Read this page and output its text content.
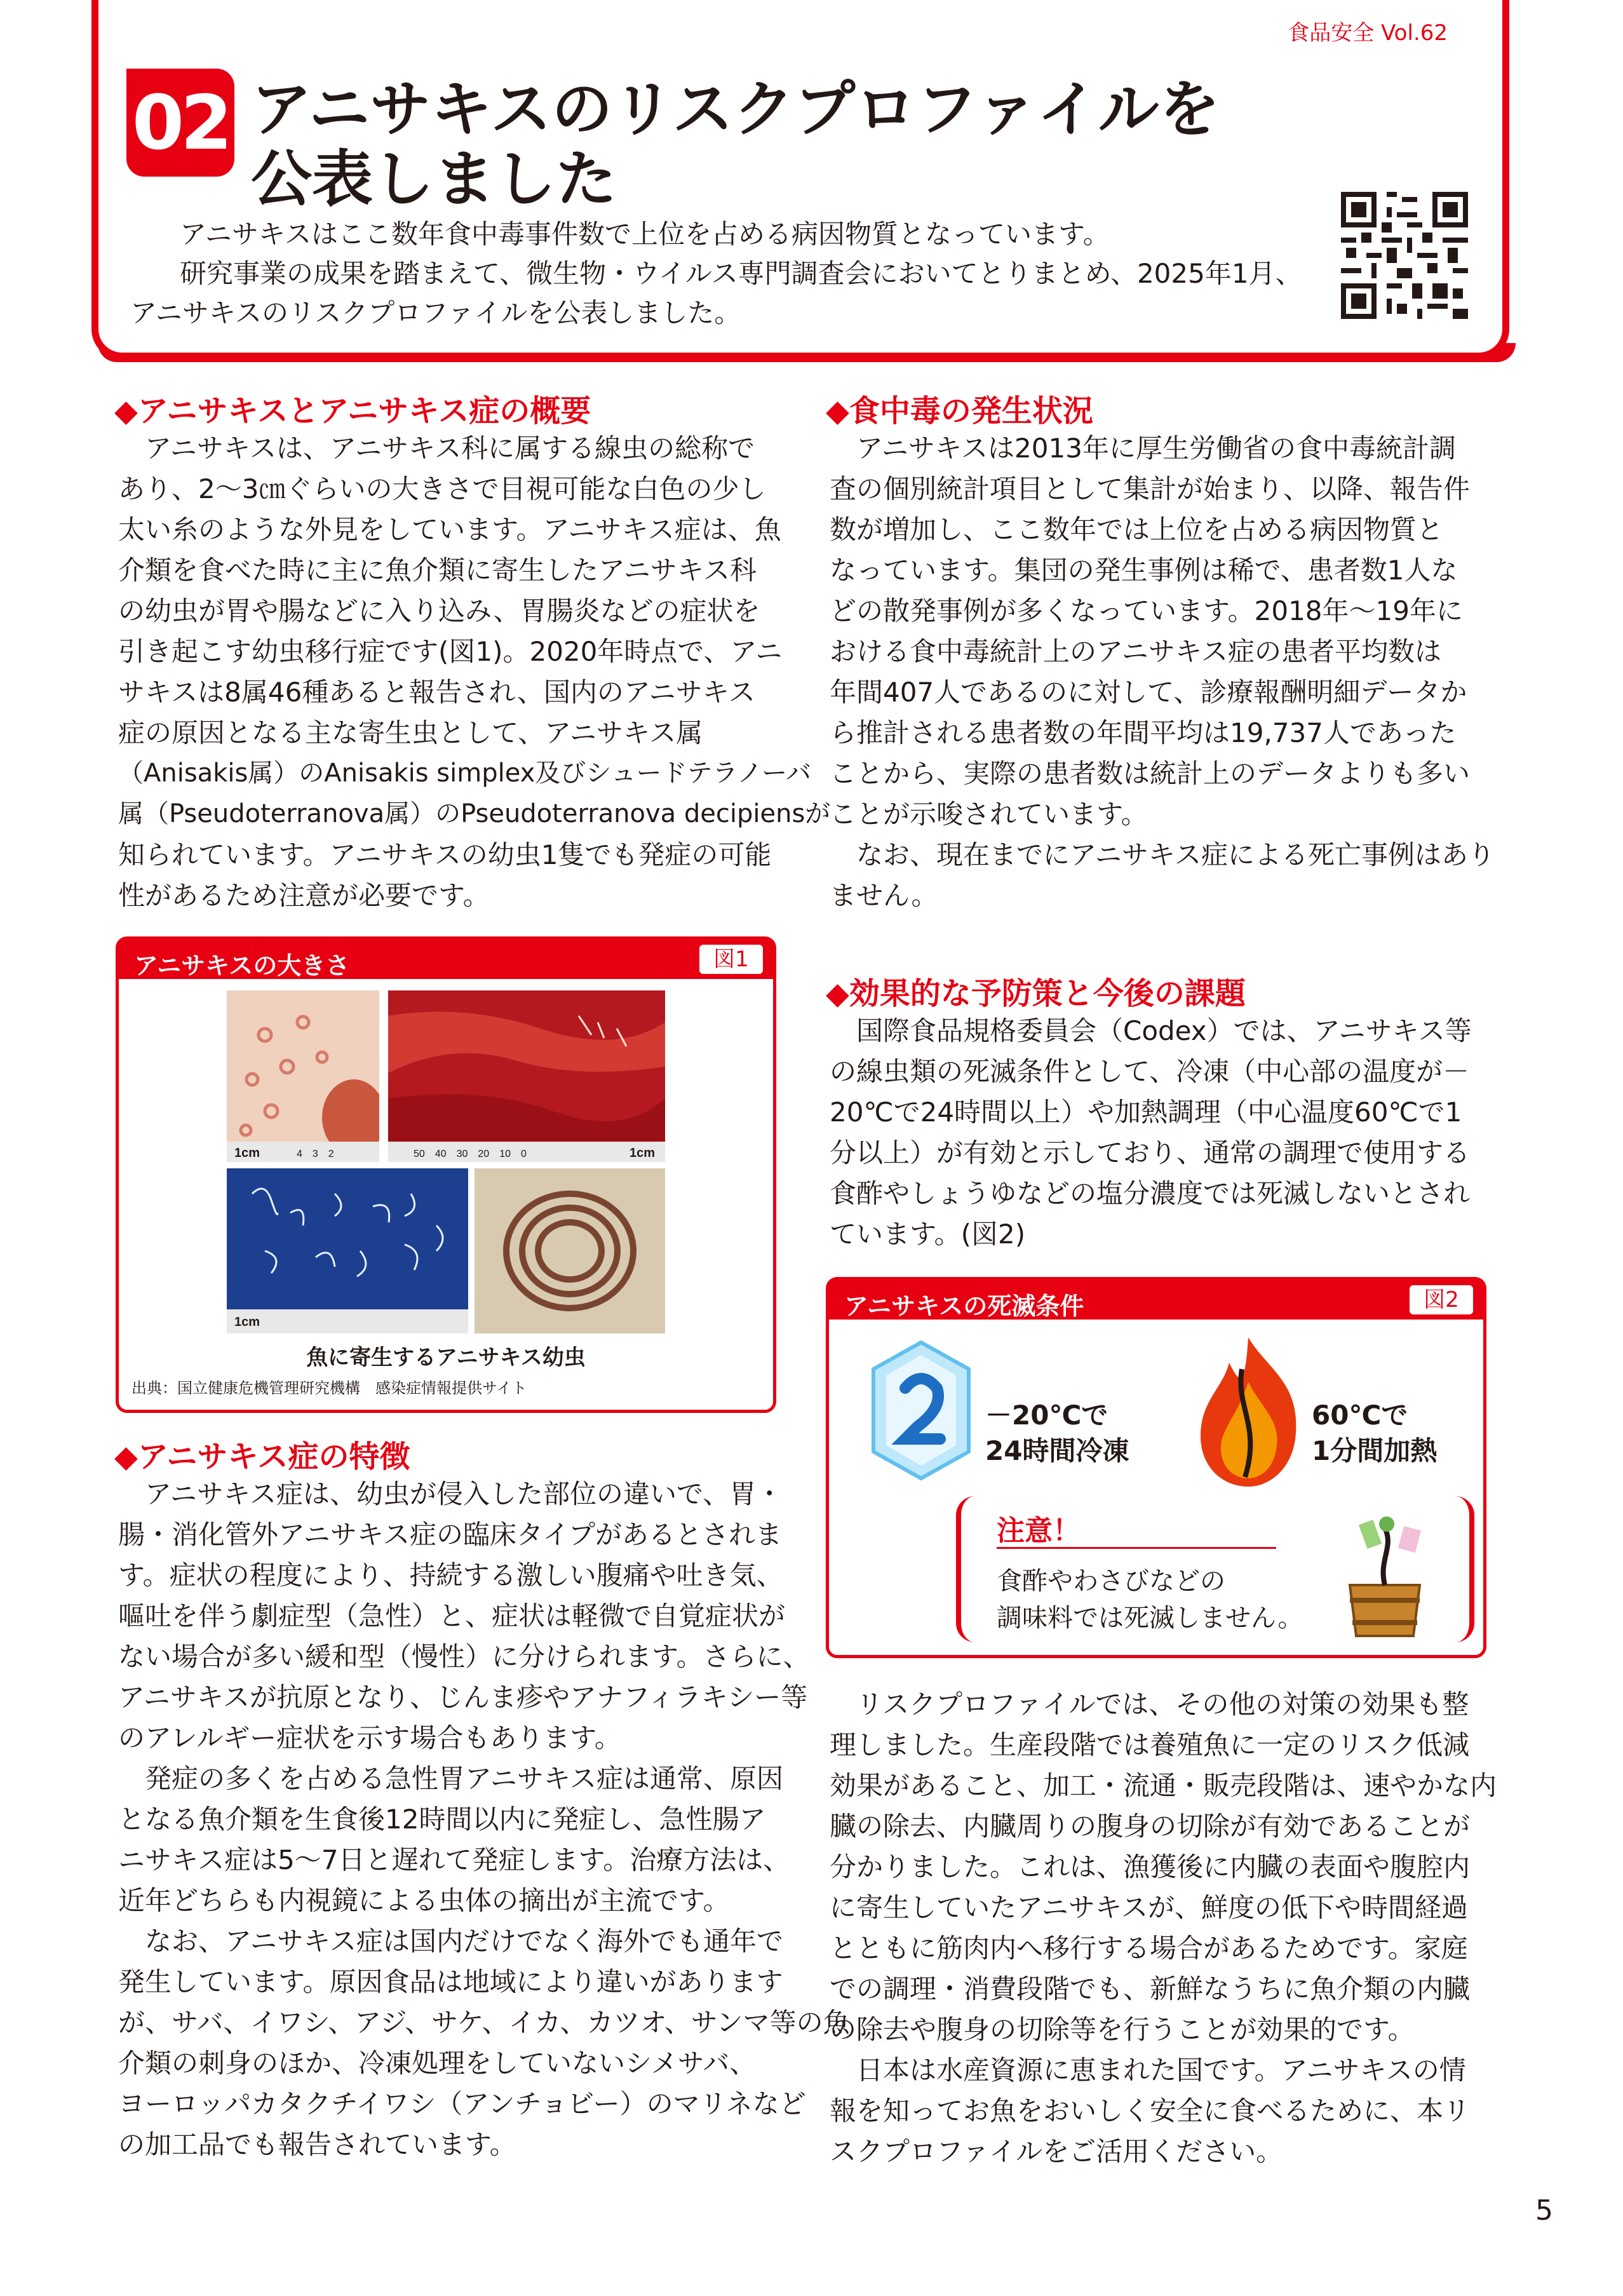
食品安全 Vol.62
02 アニサキスのリスクプロファイルを
公表しました
アニサキスはここ数年食中毒事件数で上位を占める病因物質となっています。
研究事業の成果を踏まえて、微生物・ウイルス専門調査会においてとりまとめ、2025年1月、
アニサキスのリスクプロファイルを公表しました。
◆アニサキスとアニサキス症の概要
アニサキスは、アニサキス科に属する線虫の総称で
あり、2～3㎝ぐらいの大きさで目視可能な白色の少し
太い糸のような外見をしています。アニサキス症は、魚
介類を食べた時に主に魚介類に寄生したアニサキス科
の幼虫が胃や腸などに入り込み、胃腸炎などの症状を
引き起こす幼虫移行症です(図1)。2020年時点で、アニ
サキスは8属46種あると報告され、国内のアニサキス
症の原因となる主な寄生虫として、アニサキス属
（Anisakis属）のAnisakis simplex及びシュードテラノーバ
属（Pseudoterranova属）のPseudoterranova decipiensが
知られています。アニサキスの幼虫1隻でも発症の可能
性があるため注意が必要です。
アニサキスの大きさ	図1
1cm	4　3　2	50　40　30　20　10　0	1cm
1cm
魚に寄生するアニサキス幼虫
出典：国立健康危機管理研究機構　感染症情報提供サイト
◆アニサキス症の特徴
アニサキス症は、幼虫が侵入した部位の違いで、胃・
腸・消化管外アニサキス症の臨床タイプがあるとされま
す。症状の程度により、持続する激しい腹痛や吐き気、
嘔吐を伴う劇症型（急性）と、症状は軽微で自覚症状が
ない場合が多い緩和型（慢性）に分けられます。さらに、
アニサキスが抗原となり、じんま疹やアナフィラキシー等
のアレルギー症状を示す場合もあります。
発症の多くを占める急性胃アニサキス症は通常、原因
となる魚介類を生食後12時間以内に発症し、急性腸ア
ニサキス症は5～7日と遅れて発症します。治療方法は、
近年どちらも内視鏡による虫体の摘出が主流です。
なお、アニサキス症は国内だけでなく海外でも通年で
発生しています。原因食品は地域により違いがあります
が、サバ、イワシ、アジ、サケ、イカ、カツオ、サンマ等の魚
介類の刺身のほか、冷凍処理をしていないシメサバ、
ヨーロッパカタクチイワシ（アンチョビー）のマリネなど
の加工品でも報告されています。
◆食中毒の発生状況
アニサキスは2013年に厚生労働省の食中毒統計調
査の個別統計項目として集計が始まり、以降、報告件
数が増加し、ここ数年では上位を占める病因物質と
なっています。集団の発生事例は稀で、患者数1人な
どの散発事例が多くなっています。2018年～19年に
おける食中毒統計上のアニサキス症の患者平均数は
年間407人であるのに対して、診療報酬明細データか
ら推計される患者数の年間平均は19,737人であった
ことから、実際の患者数は統計上のデータよりも多い
ことが示唆されています。
なお、現在までにアニサキス症による死亡事例はあり
ません。
◆効果的な予防策と今後の課題
国際食品規格委員会（Codex）では、アニサキス等
の線虫類の死滅条件として、冷凍（中心部の温度が－
20℃で24時間以上）や加熱調理（中心温度60℃で1
分以上）が有効と示しており、通常の調理で使用する
食酢やしょうゆなどの塩分濃度では死滅しないとされ
ています。(図2)
アニサキスの死滅条件	図2
－20℃で
24時間冷凍
60℃で
1分間加熱
注意！
食酢やわさびなどの
調味料では死滅しません。
リスクプロファイルでは、その他の対策の効果も整
理しました。生産段階では養殖魚に一定のリスク低減
効果があること、加工・流通・販売段階は、速やかな内
臓の除去、内臓周りの腹身の切除が有効であることが
分かりました。これは、漁獲後に内臓の表面や腹腔内
に寄生していたアニサキスが、鮮度の低下や時間経過
とともに筋肉内へ移行する場合があるためです。家庭
での調理・消費段階でも、新鮮なうちに魚介類の内臓
の除去や腹身の切除等を行うことが効果的です。
日本は水産資源に恵まれた国です。アニサキスの情
報を知ってお魚をおいしく安全に食べるために、本リ
スクプロファイルをご活用ください。
5
